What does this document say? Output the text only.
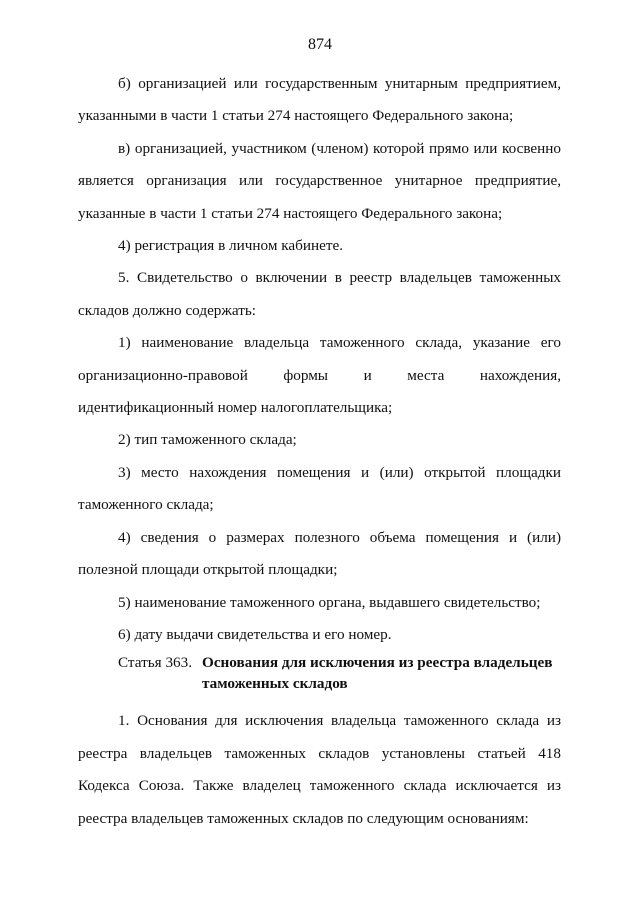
874

б) организацией или государственным унитарным предприятием, указанными в части 1 статьи 274 настоящего Федерального закона;

в) организацией, участником (членом) которой прямо или косвенно является организация или государственное унитарное предприятие, указанные в части 1 статьи 274 настоящего Федерального закона;

4) регистрация в личном кабинете.

5. Свидетельство о включении в реестр владельцев таможенных складов должно содержать:

1) наименование владельца таможенного склада, указание его организационно-правовой формы и места нахождения, идентификационный номер налогоплательщика;

2) тип таможенного склада;

3) место нахождения помещения и (или) открытой площадки таможенного склада;

4) сведения о размерах полезного объема помещения и (или) полезной площади открытой площадки;

5) наименование таможенного органа, выдавшего свидетельство;

6) дату выдачи свидетельства и его номер.

Статья 363. Основания для исключения из реестра владельцев таможенных складов

1. Основания для исключения владельца таможенного склада из реестра владельцев таможенных складов установлены статьей 418 Кодекса Союза. Также владелец таможенного склада исключается из реестра владельцев таможенных складов по следующим основаниям:
